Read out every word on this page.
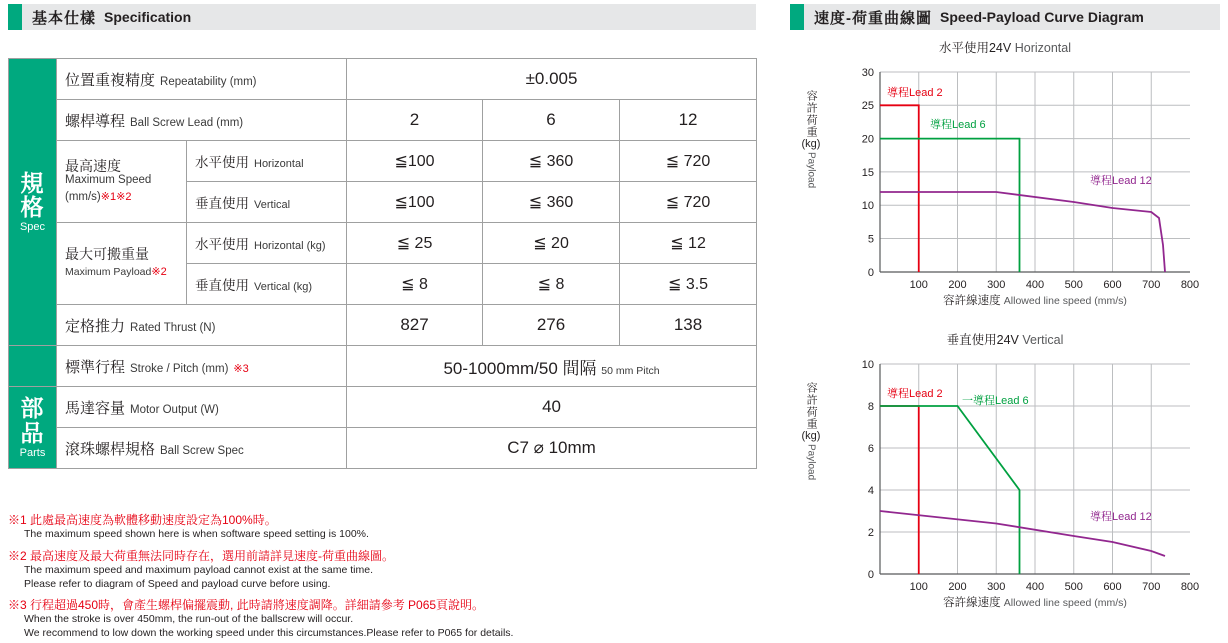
基本仕樣 Specification	速度-荷重曲線圖 Speed-Payload Curve Diagram
規格
Spec	位置重複精度 Repeatability (mm)		±0.005		

	螺桿導程 Ball Screw Lead (mm)		2	6	12

最高速度
Maximum Speed
(mm/s)※1※2

水平使用 Horizontal	≦100	≦ 360	≦ 720

		垂直使用 Vertical	≦100	≦ 360	≦ 720

最大可搬重量
Maximum Payload※2

水平使用 Horizontal (kg)	≦ 25	≦ 20	≦ 12

		垂直使用 Vertical (kg)	≦ 8	≦ 8	≦ 3.5

	定格推力 Rated Thrust (N)		827	276	138

	標準行程 Stroke / Pitch (mm) ※3		50-1000mm/50 間隔 50 mm Pitch		

部品
Parts	馬達容量 Motor Output (W)		40		

	滾珠螺桿規格 Ball Screw Spec		C7 ⌀ 10mm		
※1 此處最高速度為軟體移動速度設定為100%時。
The maximum speed shown here is when software speed setting is 100%.
※2 最高速度及最大荷重無法同時存在，選用前請詳見速度-荷重曲線圖。
The maximum speed and maximum payload cannot exist at the same time.
Please refer to diagram of Speed and payload curve before using.
※3 行程超過450時，會產生螺桿偏擺震動, 此時請將速度調降。詳細請參考 P065頁說明。
When the stroke is over 450mm, the run-out of the ballscrew will occur.
We recommend to low down the working speed under this circumstances.Please refer to P065 for details.
水平使用24V Horizontal
容許荷重
(kg)
Payload
30
25
20
15
10
5
0
100 200 300 400 500 600 700 800
導程Lead 2
導程Lead 6
導程Lead 12
容許線速度 Allowed line speed (mm/s)
垂直使用24V Vertical
容許荷重
(kg)
Payload
10
8
6
4
2
0
100 200 300 400 500 600 700 800
導程Lead 2
一導程Lead 6
導程Lead 12
容許線速度 Allowed line speed (mm/s)
